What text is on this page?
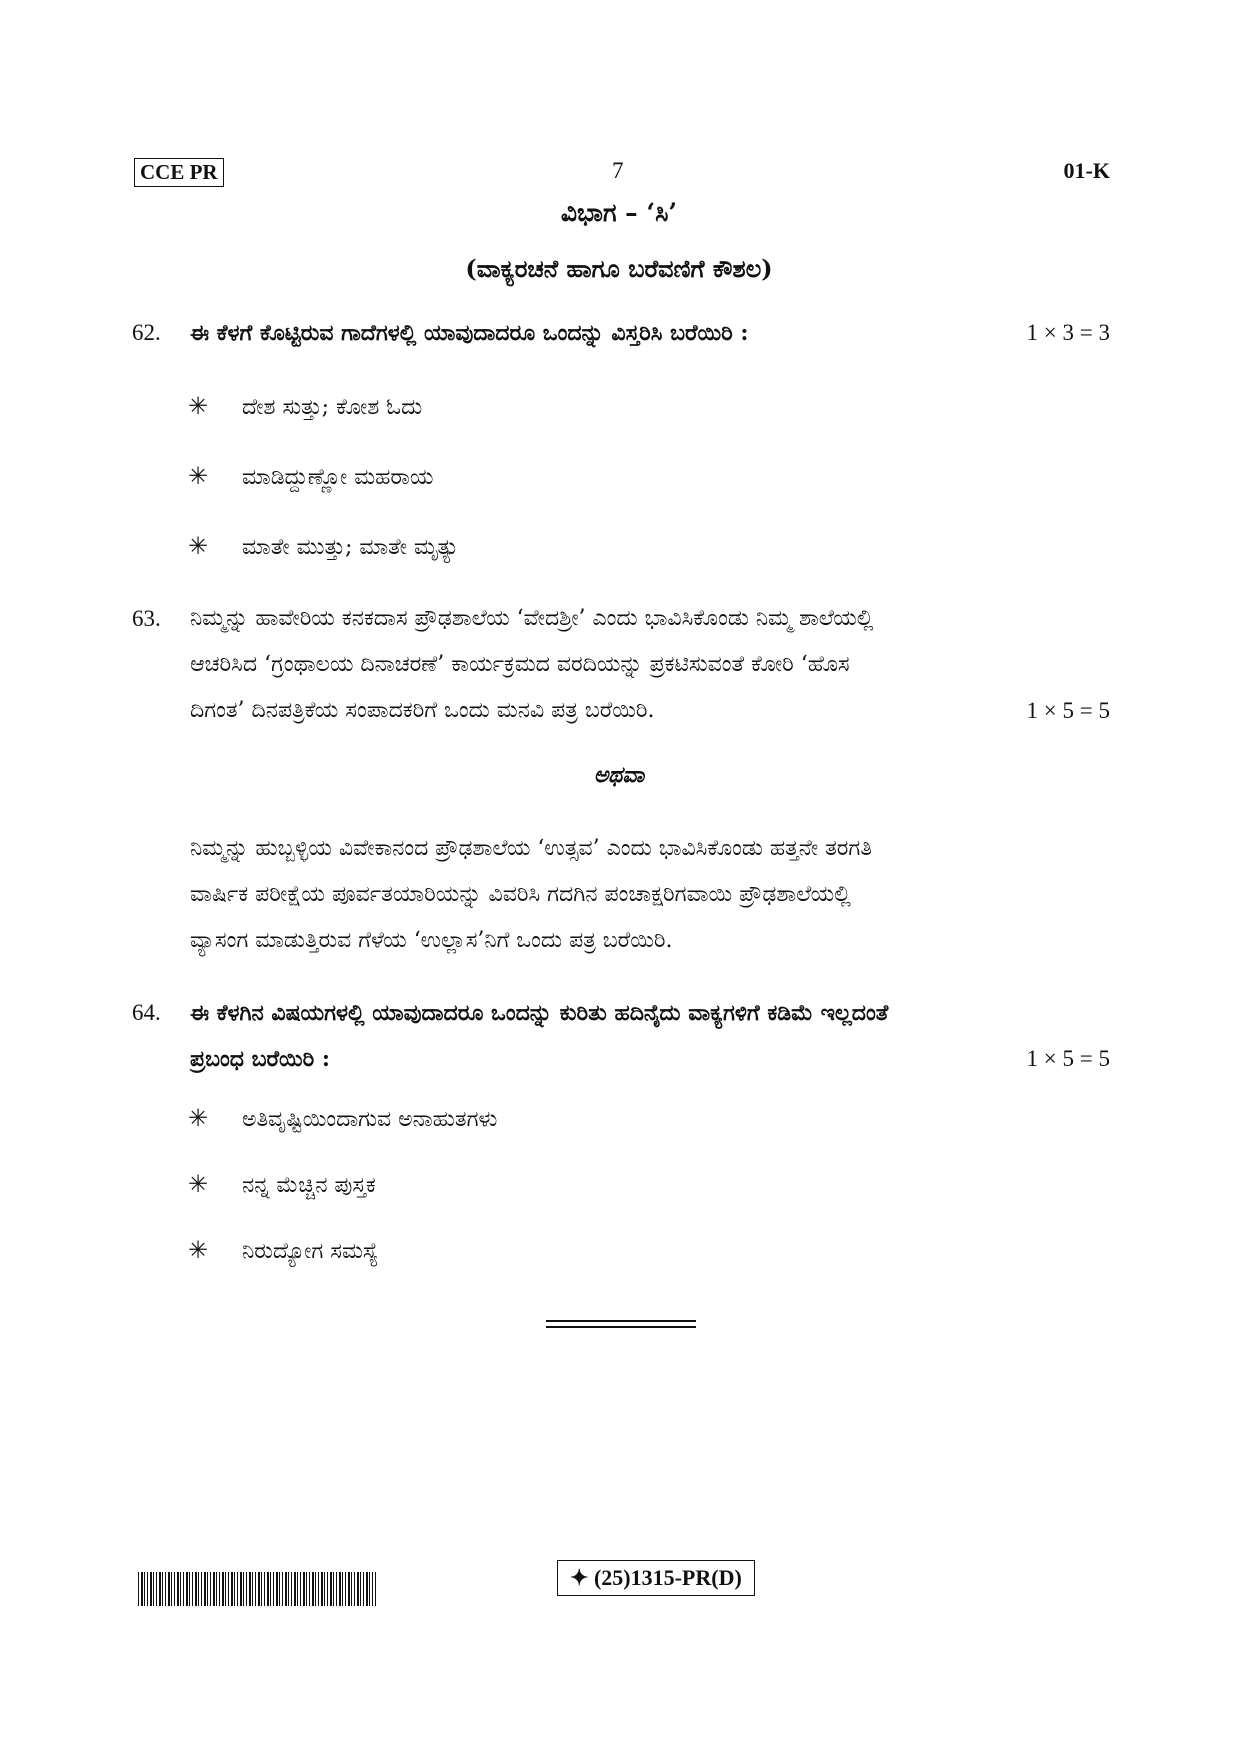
CCE PR	7	01-K
ವಿಭಾಗ – ‘ಸಿ’
(ವಾಕ್ಯರಚನೆ ಹಾಗೂ ಬರೆವಣಿಗೆ ಕೌಶಲ)
62. ಈ ಕೆಳಗೆ ಕೊಟ್ಟಿರುವ ಗಾದೆಗಳಲ್ಲಿ ಯಾವುದಾದರೂ ಒಂದನ್ನು ವಿಸ್ತರಿಸಿ ಬರೆಯಿರಿ :	1 × 3 = 3
✳ ದೇಶ ಸುತ್ತು; ಕೋಶ ಓದು
✳ ಮಾಡಿದ್ದುಣ್ಣೋ ಮಹರಾಯ
✳ ಮಾತೇ ಮುತ್ತು; ಮಾತೇ ಮೃತ್ಯು
63. ನಿಮ್ಮನ್ನು ಹಾವೇರಿಯ ಕನಕದಾಸ ಪ್ರೌಢಶಾಲೆಯ ‘ವೇದಶ್ರೀ’ ಎಂದು ಭಾವಿಸಿಕೊಂಡು ನಿಮ್ಮ ಶಾಲೆಯಲ್ಲಿ
ಆಚರಿಸಿದ ‘ಗ್ರಂಥಾಲಯ ದಿನಾಚರಣೆ’ ಕಾರ್ಯಕ್ರಮದ ವರದಿಯನ್ನು ಪ್ರಕಟಿಸುವಂತೆ ಕೋರಿ ‘ಹೊಸ
ದಿಗಂತ’ ದಿನಪತ್ರಿಕೆಯ ಸಂಪಾದಕರಿಗೆ ಒಂದು ಮನವಿ ಪತ್ರ ಬರೆಯಿರಿ.	1 × 5 = 5
ಅಥವಾ
ನಿಮ್ಮನ್ನು ಹುಬ್ಬಳ್ಳಿಯ ವಿವೇಕಾನಂದ ಪ್ರೌಢಶಾಲೆಯ ‘ಉತ್ಸವ’ ಎಂದು ಭಾವಿಸಿಕೊಂಡು ಹತ್ತನೇ ತರಗತಿ
ವಾರ್ಷಿಕ ಪರೀಕ್ಷೆಯ ಪೂರ್ವತಯಾರಿಯನ್ನು ವಿವರಿಸಿ ಗದಗಿನ ಪಂಚಾಕ್ಷರಿಗವಾಯಿ ಪ್ರೌಢಶಾಲೆಯಲ್ಲಿ
ವ್ಯಾಸಂಗ ಮಾಡುತ್ತಿರುವ ಗೆಳೆಯ ‘ಉಲ್ಲಾಸ’ನಿಗೆ ಒಂದು ಪತ್ರ ಬರೆಯಿರಿ.
64. ಈ ಕೆಳಗಿನ ವಿಷಯಗಳಲ್ಲಿ ಯಾವುದಾದರೂ ಒಂದನ್ನು ಕುರಿತು ಹದಿನೈದು ವಾಕ್ಯಗಳಿಗೆ ಕಡಿಮೆ ಇಲ್ಲದಂತೆ
ಪ್ರಬಂಧ ಬರೆಯಿರಿ :	1 × 5 = 5
✳ ಅತಿವೃಷ್ಟಿಯಿಂದಾಗುವ ಅನಾಹುತಗಳು
✳ ನನ್ನ ಮೆಚ್ಚಿನ ಪುಸ್ತಕ
✳ ನಿರುದ್ಯೋಗ ಸಮಸ್ಯೆ
✦ (25)1315-PR(D)
